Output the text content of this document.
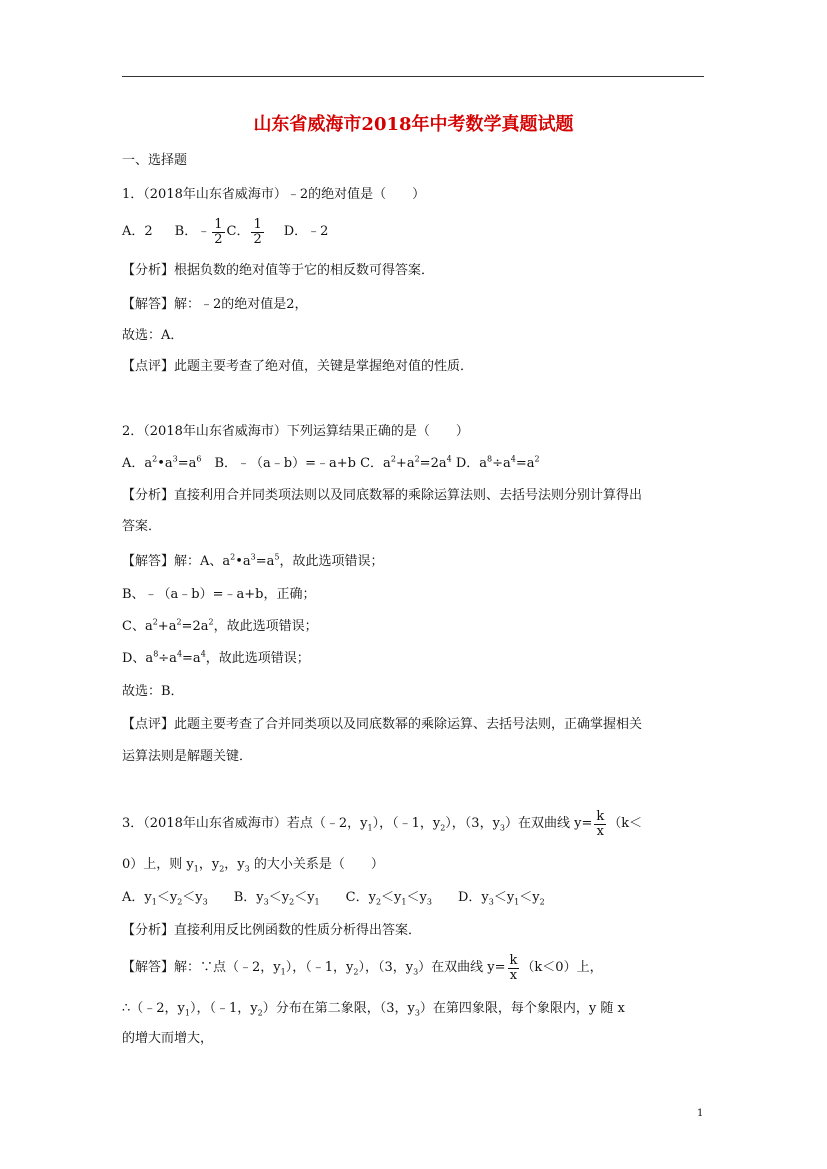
山东省威海市2018年中考数学真题试题
一、选择题
1．（2018年山东省威海市）﹣2的绝对值是（　　）
A．2 B．﹣ $\frac{1}{2}$ C． $\frac{1}{2}$ D．﹣2
【分析】根据负数的绝对值等于它的相反数可得答案．
【解答】解：﹣2的绝对值是2，
故选：A．
【点评】此题主要考查了绝对值，关键是掌握绝对值的性质．
2．（2018年山东省威海市）下列运算结果正确的是（　　）
A．$a^2•a^3=a^6$　B．﹣（a﹣b）=﹣a+b C．$a^2+a^2=2a^4$ D．$a^8\div a^4=a^2$
【分析】直接利用合并同类项法则以及同底数幂的乘除运算法则、去括号法则分别计算得出
答案．
【解答】解：A、$a^2•a^3=a^5$，故此选项错误；
B、﹣（a﹣b）=﹣a+b，正确；
C、$a^2+a^2=2a^2$，故此选项错误；
D、$a^8\div a^4=a^4$，故此选项错误；
故选：B．
【点评】此题主要考查了合并同类项以及同底数幂的乘除运算、去括号法则，正确掌握相关
运算法则是解题关键．
3．（2018年山东省威海市）若点（﹣2，y $_1$），（﹣1，$y_2$），（3，$y_3$）在双曲线 $y= \frac{k}{x} (k<$
0）上，则 $y_1$，$y_2$，$y_3$ 的大小关系是（　　）
A．$y_1<y_2<y_3$　　B．$y_3<y_2<y_1$　　C．$y_2<y_1<y_3$　　D．$y_3<y_1<y_2$
【分析】直接利用反比例函数的性质分析得出答案．
【解答】解：∵点（﹣2，$y_1$），（﹣1，$y_2$），（3，$y_3$）在双曲线 $y= \frac{k}{x} (k<0)$上，
∴（﹣2，$y_1$），（﹣1，$y_2$）分布在第二象限，（3，$y_3$）在第四象限，每个象限内，y 随 x
的增大而增大，
1
